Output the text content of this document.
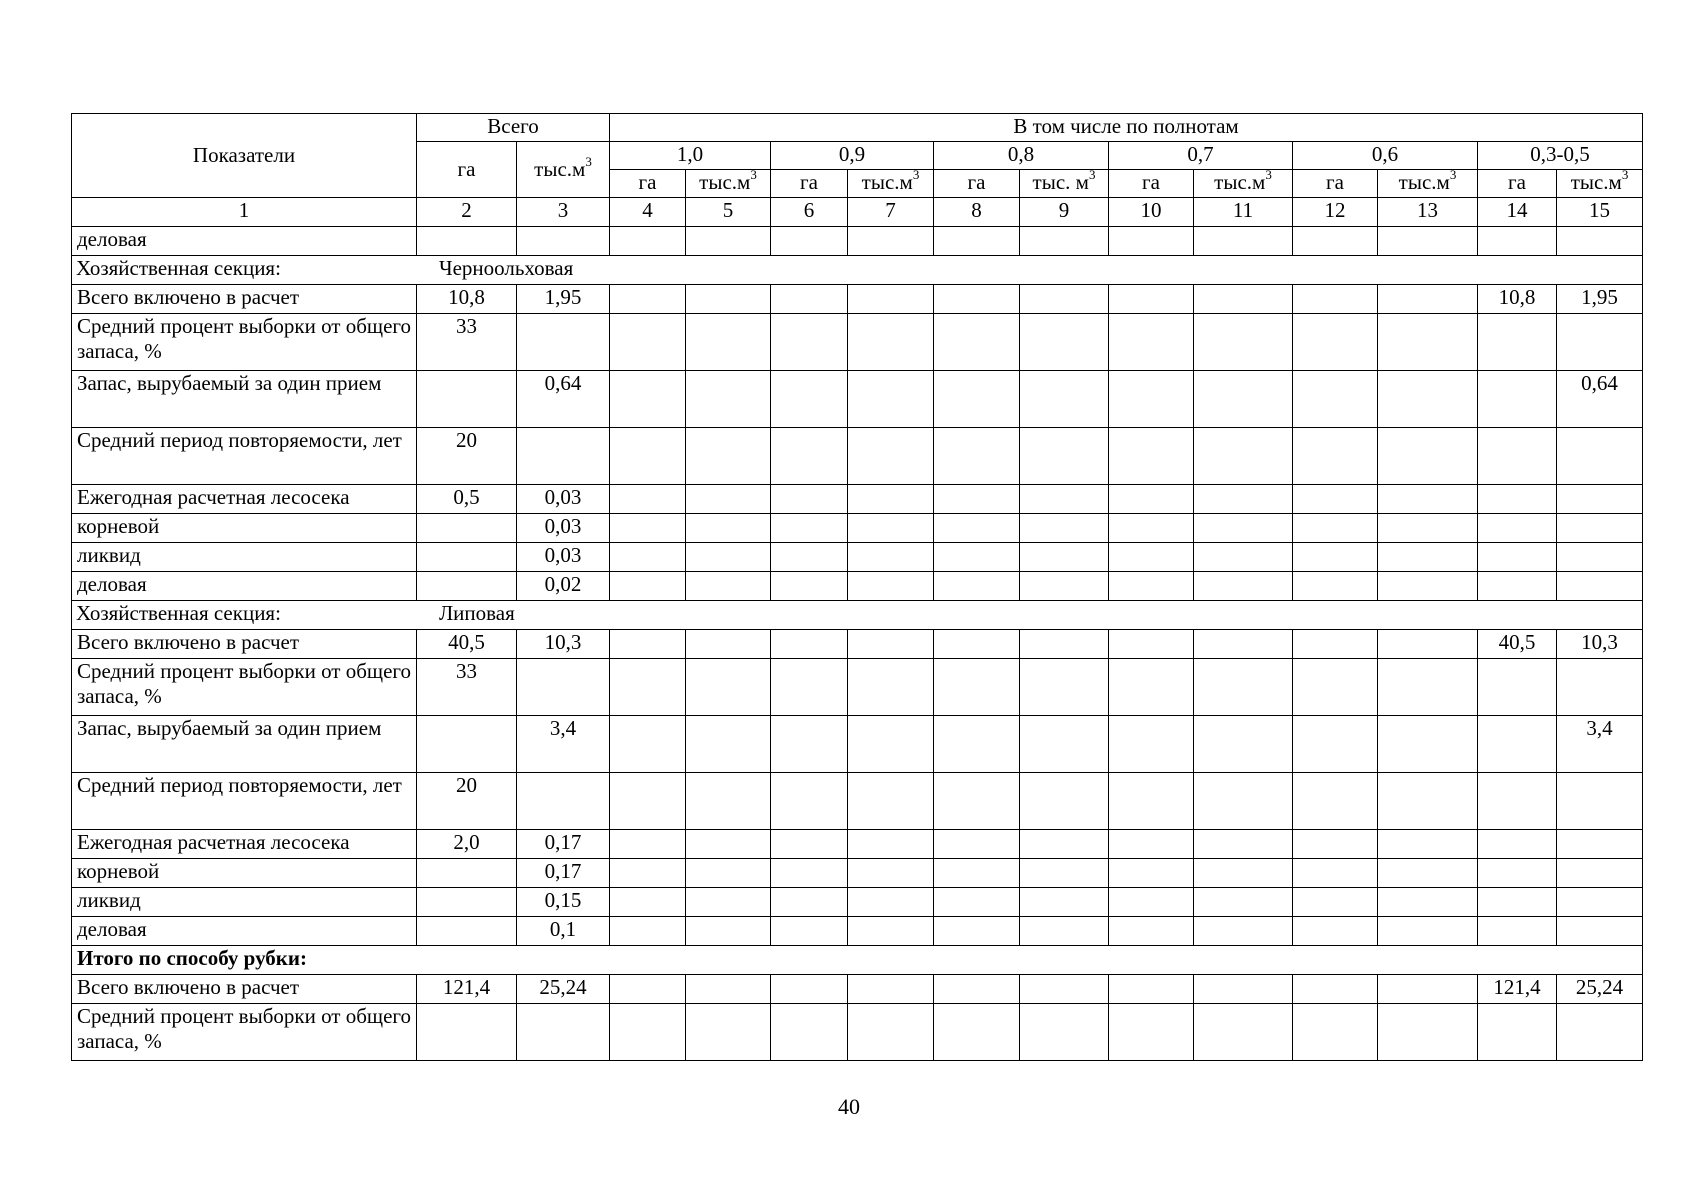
Показатели	Всего		В том числе по полнотам											
	га	$тыс.м^3$	1,0		0,9		0,8		0,7		0,6		0,3-0,5	
			га	$тыс.м^3$	га	$тыс.м^3$	га	тыс. $м^3$	га	$тыс.м^3$	га	$тыс.м^3$	га	$тыс.м^3$
1	2	3	4	5	6	7	8	9	10	11	12	13	14	15
деловая														
Хозяйственная секция: Черноольховая														
Всего включено в расчет	10,8	1,95											10,8	1,95
Средний процент выборки от общего запаса, %	33													
Запас, вырубаемый за один прием		0,64												0,64
Средний период повторяемости, лет	20													
Ежегодная расчетная лесосека	0,5	0,03												
корневой		0,03												
ликвид		0,03												
деловая		0,02												
Хозяйственная секция: Липовая														
Всего включено в расчет	40,5	10,3											40,5	10,3
Средний процент выборки от общего запаса, %	33													
Запас, вырубаемый за один прием		3,4												3,4
Средний период повторяемости, лет	20													
Ежегодная расчетная лесосека	2,0	0,17												
корневой		0,17												
ликвид		0,15												
деловая		0,1												
Итого по способу рубки:														
Всего включено в расчет	121,4	25,24											121,4	25,24
Средний процент выборки от общего запаса, %														
40
